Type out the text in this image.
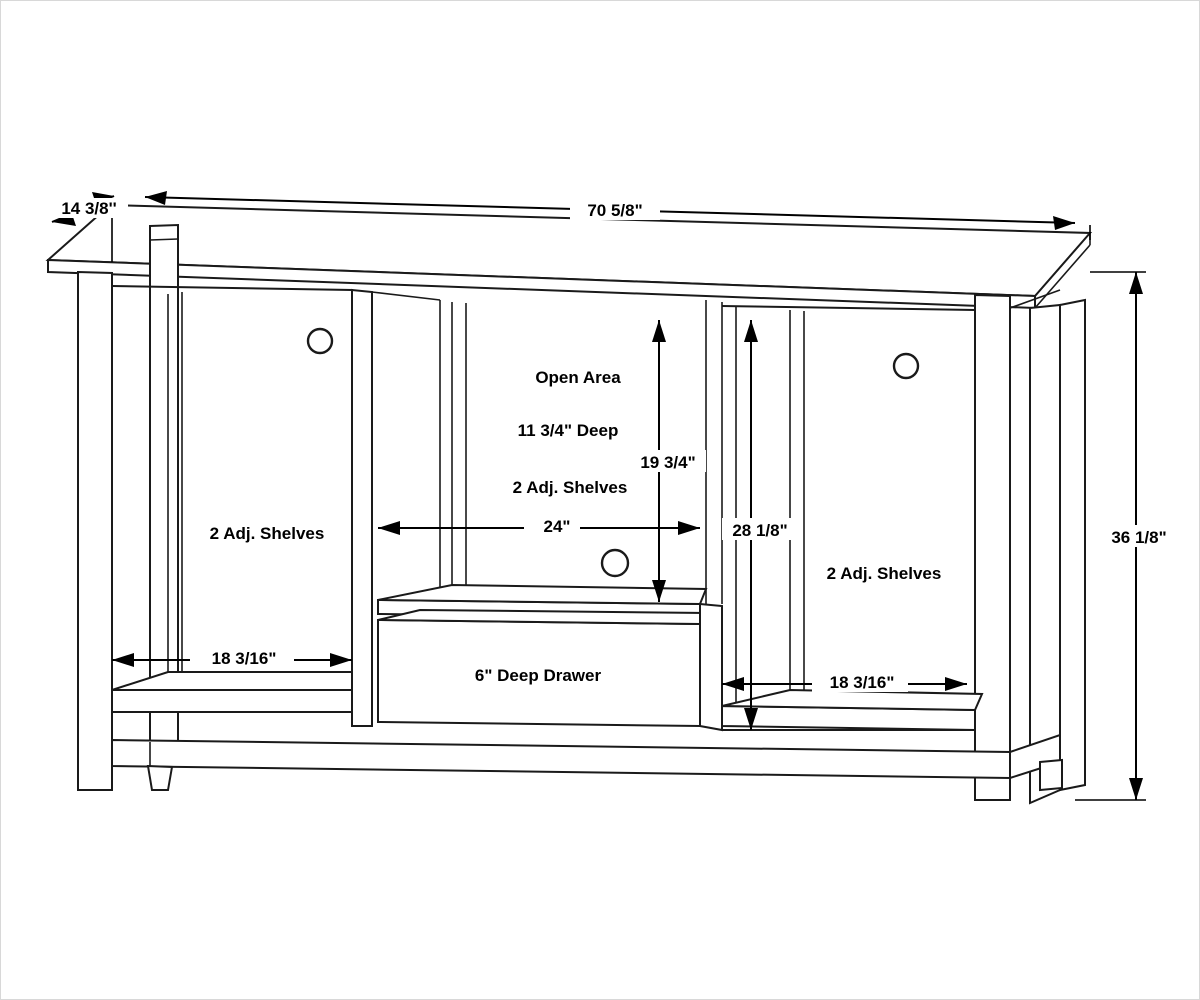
70 5/8"
14 3/8''
36 1/8"
19 3/4"
28 1/8"
24"
18 3/16"
18 3/16"
Open Area
11 3/4" Deep
2 Adj. Shelves
2 Adj. Shelves
2 Adj. Shelves
6" Deep Drawer
